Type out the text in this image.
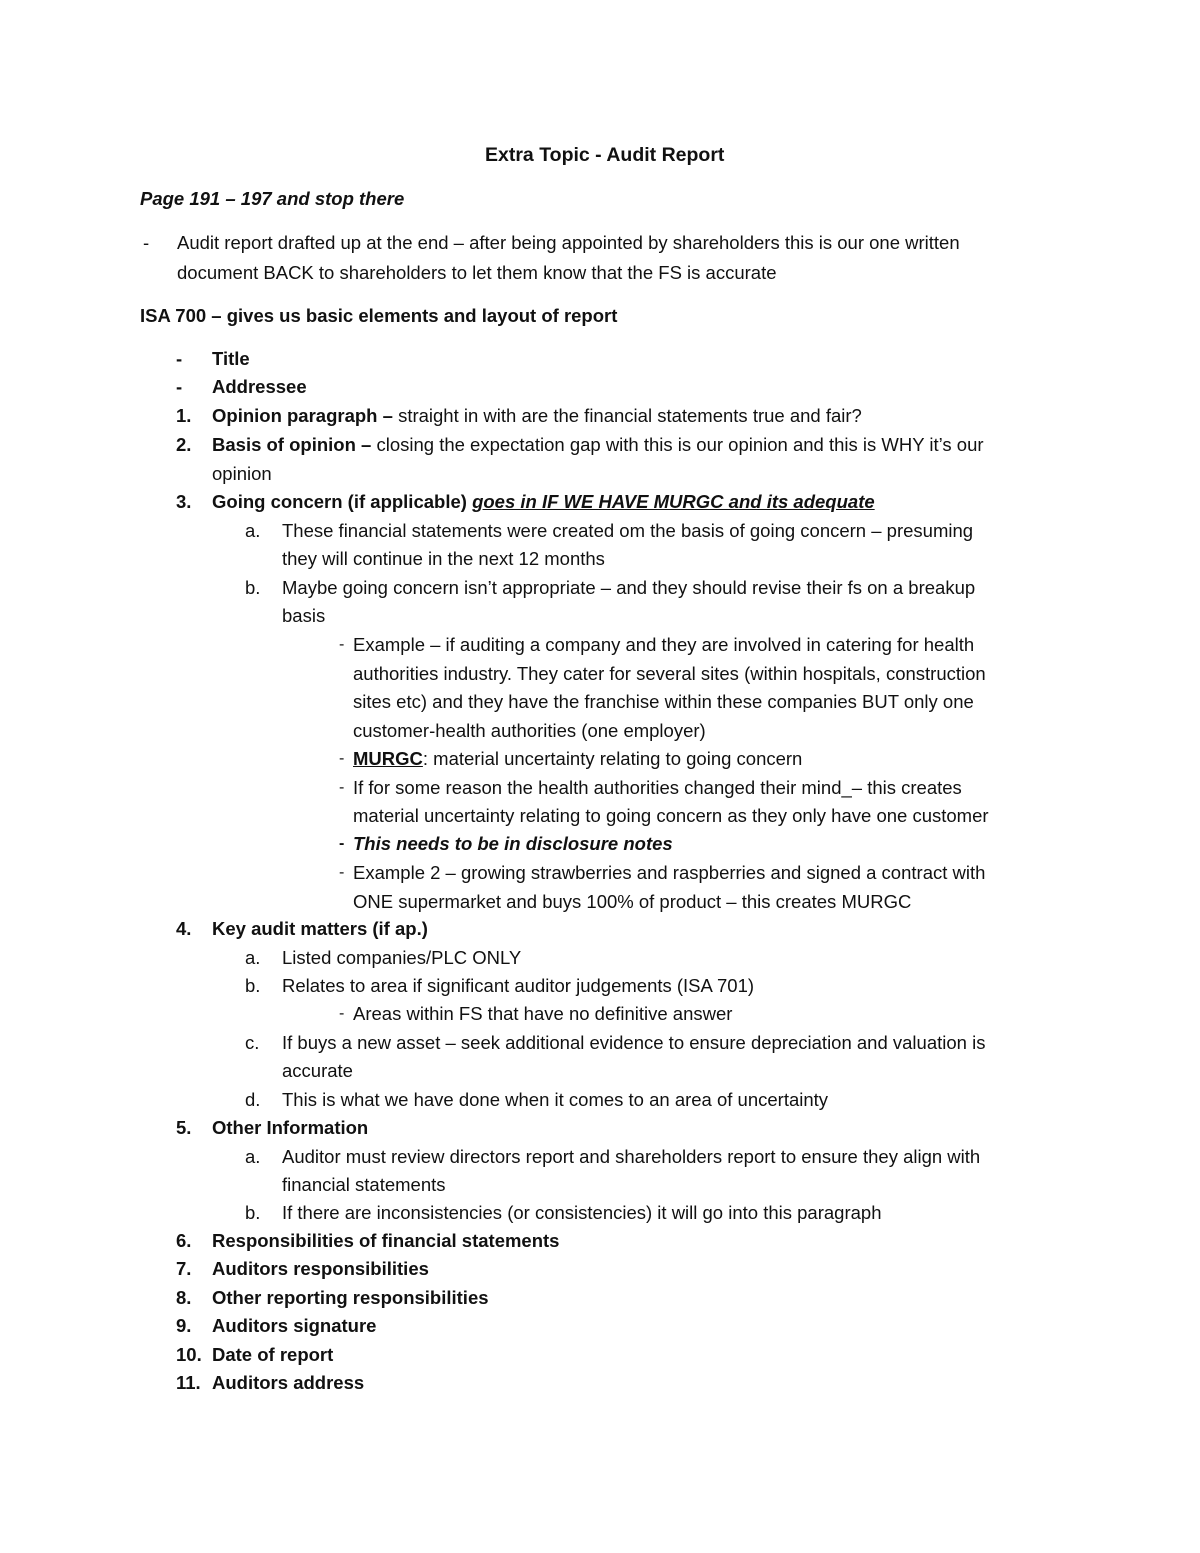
Extra Topic - Audit Report
Page 191 – 197 and stop there
- Audit report drafted up at the end – after being appointed by shareholders this is our one written
document BACK to shareholders to let them know that the FS is accurate
ISA 700 – gives us basic elements and layout of report
- Title
- Addressee
1. Opinion paragraph – straight in with are the financial statements true and fair?
2. Basis of opinion – closing the expectation gap with this is our opinion and this is WHY it’s our
opinion
3. Going concern (if applicable) goes in IF WE HAVE MURGC and its adequate
a. These financial statements were created om the basis of going concern – presuming
they will continue in the next 12 months
b. Maybe going concern isn’t appropriate – and they should revise their fs on a breakup
basis
- Example – if auditing a company and they are involved in catering for health
authorities industry. They cater for several sites (within hospitals, construction
sites etc) and they have the franchise within these companies BUT only one
customer-health authorities (one employer)
- MURGC: material uncertainty relating to going concern
- If for some reason the health authorities changed their mind_– this creates
material uncertainty relating to going concern as they only have one customer
- This needs to be in disclosure notes
- Example 2 – growing strawberries and raspberries and signed a contract with
ONE supermarket and buys 100% of product – this creates MURGC
4. Key audit matters (if ap.)
a. Listed companies/PLC ONLY
b. Relates to area if significant auditor judgements (ISA 701)
- Areas within FS that have no definitive answer
c. If buys a new asset – seek additional evidence to ensure depreciation and valuation is
accurate
d. This is what we have done when it comes to an area of uncertainty
5. Other Information
a. Auditor must review directors report and shareholders report to ensure they align with
financial statements
b. If there are inconsistencies (or consistencies) it will go into this paragraph
6. Responsibilities of financial statements
7. Auditors responsibilities
8. Other reporting responsibilities
9. Auditors signature
10. Date of report
11. Auditors address
